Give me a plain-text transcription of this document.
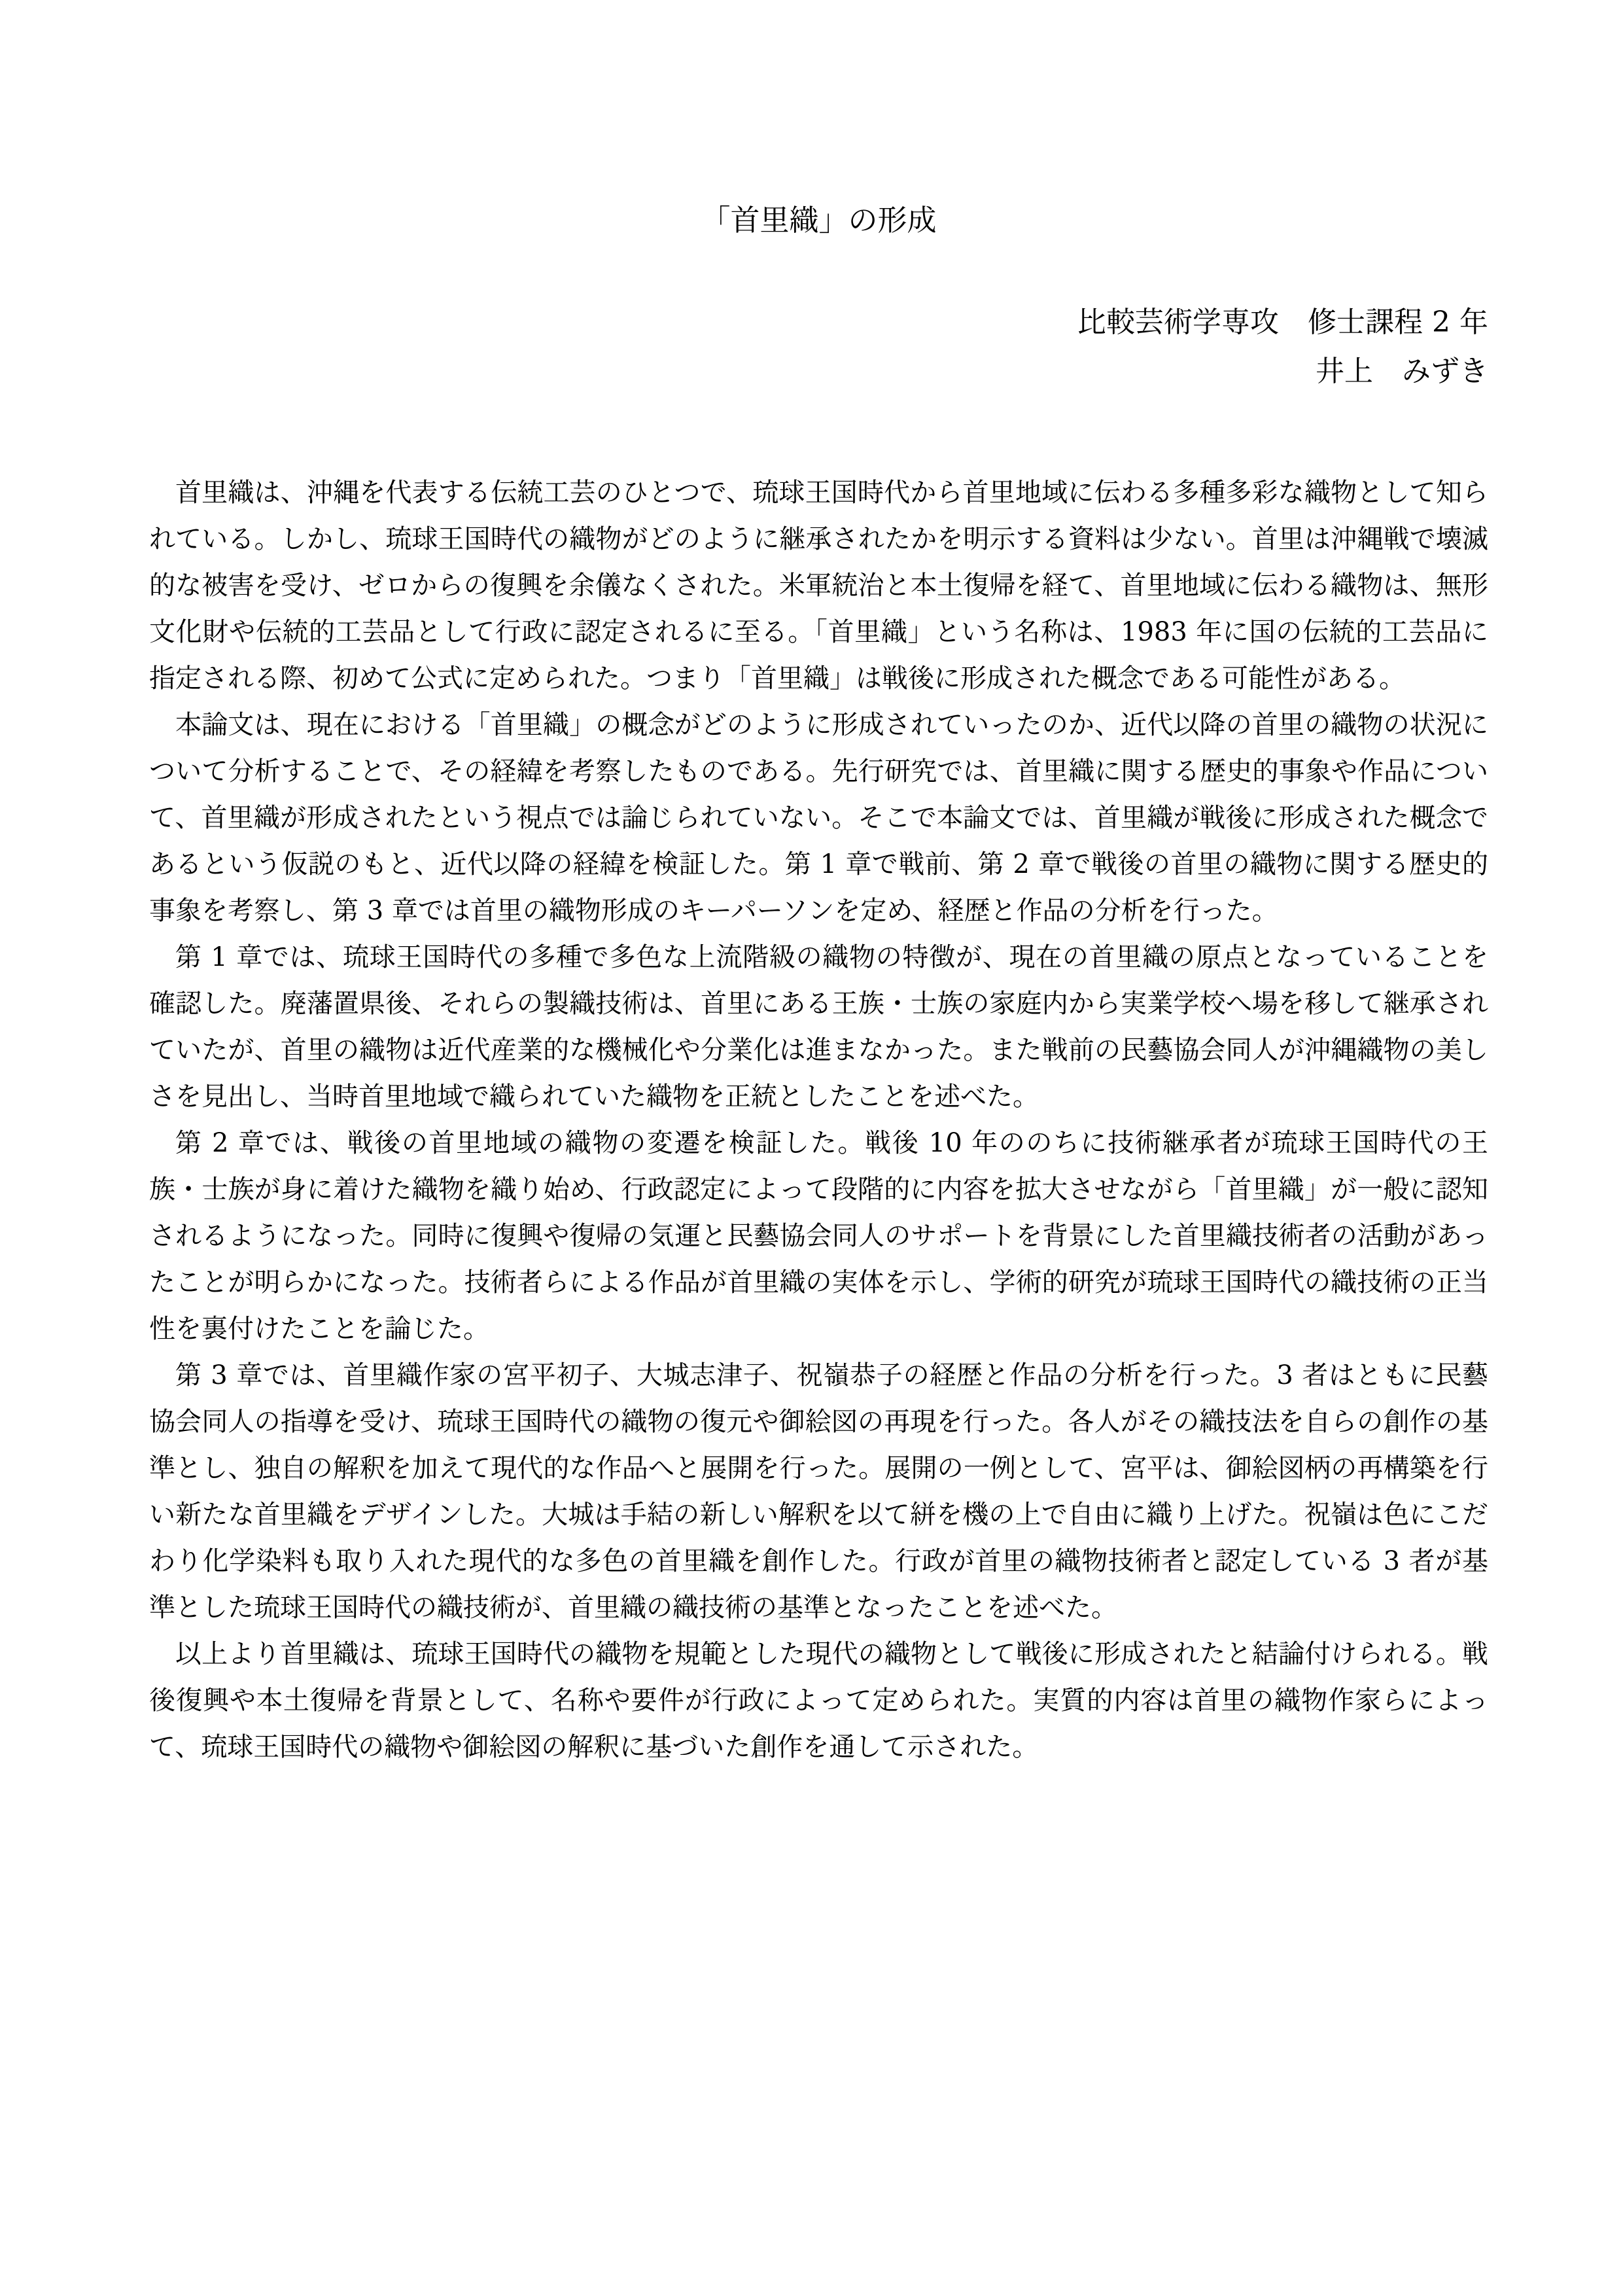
「首里織」の形成
比較芸術学専攻　修士課程 2 年
井上　みずき

首里織は、沖縄を代表する伝統工芸のひとつで、琉球王国時代から首里地域に伝わる多種多彩な織物として知られている。しかし、琉球王国時代の織物がどのように継承されたかを明示する資料は少ない。首里は沖縄戦で壊滅的な被害を受け、ゼロからの復興を余儀なくされた。米軍統治と本土復帰を経て、首里地域に伝わる織物は、無形文化財や伝統的工芸品として行政に認定されるに至る。「首里織」という名称は、1983 年に国の伝統的工芸品に指定される際、初めて公式に定められた。つまり「首里織」は戦後に形成された概念である可能性がある。

本論文は、現在における「首里織」の概念がどのように形成されていったのか、近代以降の首里の織物の状況について分析することで、その経緯を考察したものである。先行研究では、首里織に関する歴史的事象や作品について、首里織が形成されたという視点では論じられていない。そこで本論文では、首里織が戦後に形成された概念であるという仮説のもと、近代以降の経緯を検証した。第 1 章で戦前、第 2 章で戦後の首里の織物に関する歴史的事象を考察し、第 3 章では首里の織物形成のキーパーソンを定め、経歴と作品の分析を行った。

第 1 章では、琉球王国時代の多種で多色な上流階級の織物の特徴が、現在の首里織の原点となっていることを確認した。廃藩置県後、それらの製織技術は、首里にある王族・士族の家庭内から実業学校へ場を移して継承されていたが、首里の織物は近代産業的な機械化や分業化は進まなかった。また戦前の民藝協会同人が沖縄織物の美しさを見出し、当時首里地域で織られていた織物を正統としたことを述べた。

第 2 章では、戦後の首里地域の織物の変遷を検証した。戦後 10 年ののちに技術継承者が琉球王国時代の王族・士族が身に着けた織物を織り始め、行政認定によって段階的に内容を拡大させながら「首里織」が一般に認知されるようになった。同時に復興や復帰の気運と民藝協会同人のサポートを背景にした首里織技術者の活動があったことが明らかになった。技術者らによる作品が首里織の実体を示し、学術的研究が琉球王国時代の織技術の正当性を裏付けたことを論じた。

第 3 章では、首里織作家の宮平初子、大城志津子、祝嶺恭子の経歴と作品の分析を行った。3 者はともに民藝協会同人の指導を受け、琉球王国時代の織物の復元や御絵図の再現を行った。各人がその織技法を自らの創作の基準とし、独自の解釈を加えて現代的な作品へと展開を行った。展開の一例として、宮平は、御絵図柄の再構築を行い新たな首里織をデザインした。大城は手結の新しい解釈を以て絣を機の上で自由に織り上げた。祝嶺は色にこだわり化学染料も取り入れた現代的な多色の首里織を創作した。行政が首里の織物技術者と認定している 3 者が基準とした琉球王国時代の織技術が、首里織の織技術の基準となったことを述べた。

以上より首里織は、琉球王国時代の織物を規範とした現代の織物として戦後に形成されたと結論付けられる。戦後復興や本土復帰を背景として、名称や要件が行政によって定められた。実質的内容は首里の織物作家らによって、琉球王国時代の織物や御絵図の解釈に基づいた創作を通して示された。
